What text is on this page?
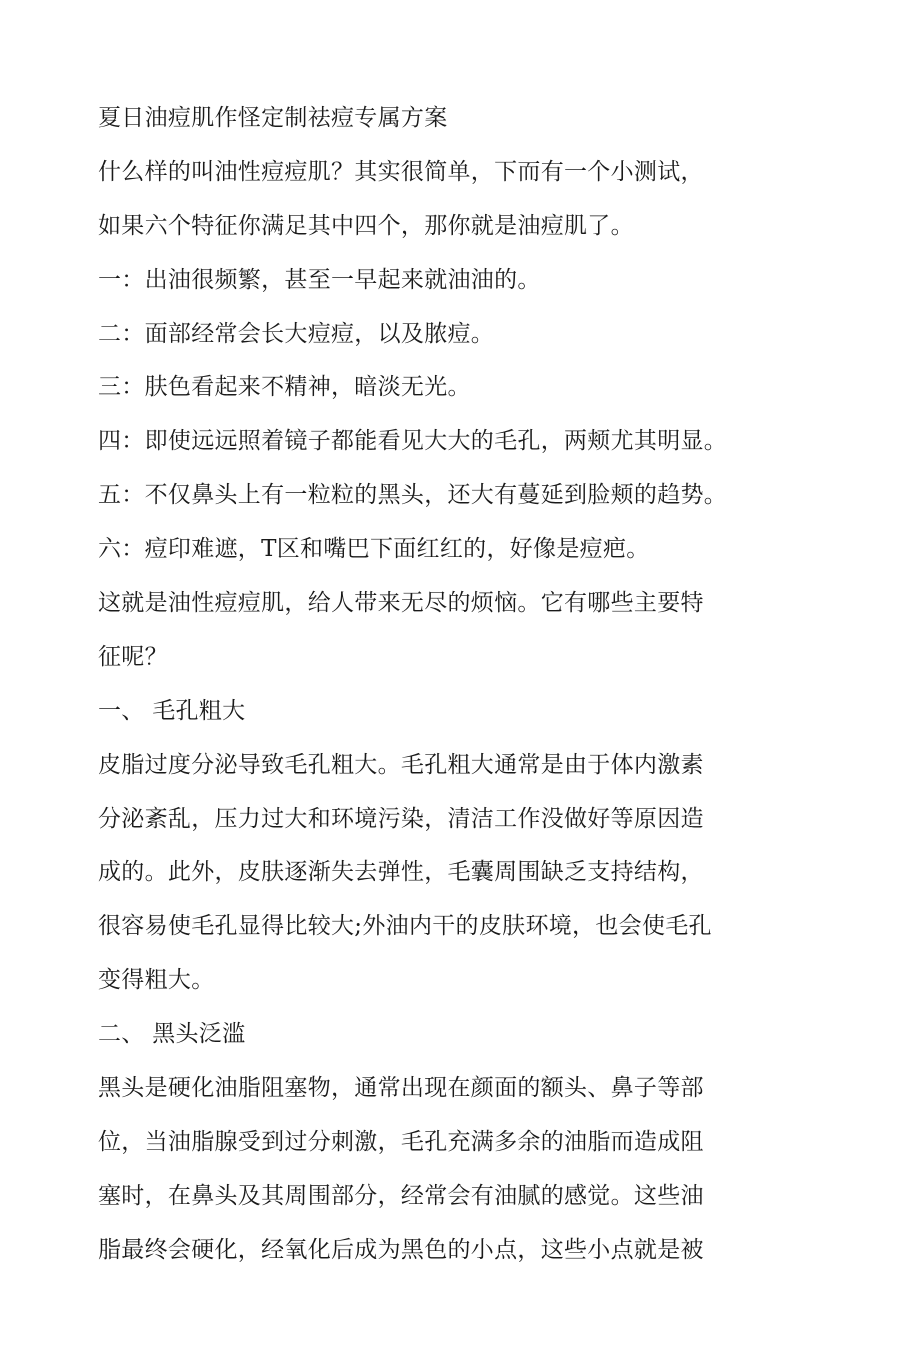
夏日油痘肌作怪定制祛痘专属方案
什么样的叫油性痘痘肌？其实很简单，下而有一个小测试，
如果六个特征你满足其中四个，那你就是油痘肌了。
一：出油很频繁，甚至一早起来就油油的。
二：面部经常会长大痘痘，以及脓痘。
三：肤色看起来不精神，暗淡无光。
四：即使远远照着镜子都能看见大大的毛孔，两颊尤其明显。
五：不仅鼻头上有一粒粒的黑头，还大有蔓延到脸颊的趋势。
六：痘印难遮，T区和嘴巴下面红红的，好像是痘疤。
这就是油性痘痘肌，给人带来无尽的烦恼。它有哪些主要特
征呢？
一、 毛孔粗大
皮脂过度分泌导致毛孔粗大。毛孔粗大通常是由于体内激素
分泌紊乱，压力过大和环境污染，清洁工作没做好等原因造
成的。此外，皮肤逐渐失去弹性，毛囊周围缺乏支持结构，
很容易使毛孔显得比较大;外油内干的皮肤环境，也会使毛孔
变得粗大。
二、 黑头泛滥
黑头是硬化油脂阻塞物，通常出现在颜面的额头、鼻子等部
位，当油脂腺受到过分刺激，毛孔充满多余的油脂而造成阻
塞时，在鼻头及其周围部分，经常会有油腻的感觉。这些油
脂最终会硬化，经氧化后成为黑色的小点，这些小点就是被
